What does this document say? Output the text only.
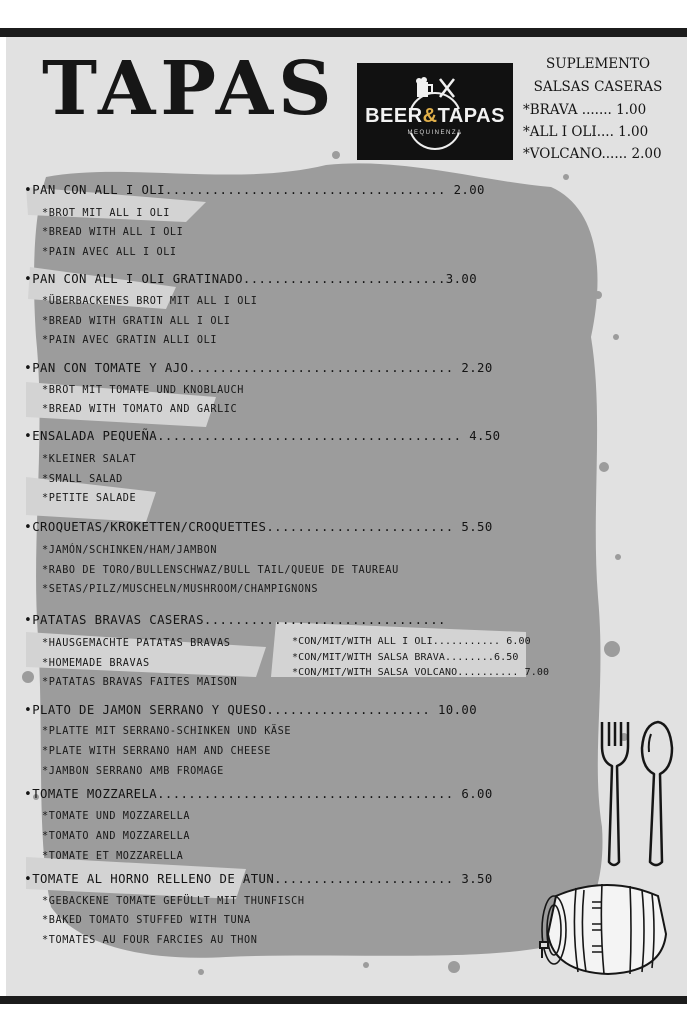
TAPAS	BEER&TAPAS
MEQUINENZA
SUPLEMENTO
SALSAS CASERAS
*BRAVA ....... 1.00
*ALL I OLI.... 1.00
*VOLCANO...... 2.00
•PAN CON ALL I OLI.................................... 2.00
*BROT MIT ALL I OLI
*BREAD WITH ALL I OLI
*PAIN AVEC ALL I OLI
•PAN CON ALL I OLI GRATINADO..........................3.00
*ÜBERBACKENES BROT MIT ALL I OLI
*BREAD WITH GRATIN ALL I OLI
*PAIN AVEC GRATIN ALLI OLI
•PAN CON TOMATE Y AJO.................................. 2.20
*BROT MIT TOMATE UND KNOBLAUCH
*BREAD WITH TOMATO AND GARLIC
•ENSALADA PEQUEÑA....................................... 4.50
*KLEINER SALAT
*SMALL SALAD
*PETITE SALADE
•CROQUETAS/KROKETTEN/CROQUETTES........................ 5.50
*JAMÓN/SCHINKEN/HAM/JAMBON
*RABO DE TORO/BULLENSCHWAZ/BULL TAIL/QUEUE DE TAUREAU
*SETAS/PILZ/MUSCHELN/MUSHROOM/CHAMPIGNONS
•PATATAS BRAVAS CASERAS...............................
*HAUSGEMACHTE PATATAS BRAVAS
*HOMEMADE BRAVAS
*PATATAS BRAVAS FAITES MAISON
*CON/MIT/WITH ALL I OLI........... 6.00
*CON/MIT/WITH SALSA BRAVA........6.50
*CON/MIT/WITH SALSA VOLCANO.......... 7.00
•PLATO DE JAMON SERRANO Y QUESO..................... 10.00
*PLATTE MIT SERRANO-SCHINKEN UND KÄSE
*PLATE WITH SERRANO HAM AND CHEESE
*JAMBON SERRANO AMB FROMAGE
•TOMATE MOZZARELA...................................... 6.00
*TOMATE UND MOZZARELLA
*TOMATO AND MOZZARELLA
*TOMATE ET MOZZARELLA
•TOMATE AL HORNO RELLENO DE ATUN....................... 3.50
*GEBACKENE TOMATE GEFÜLLT MIT THUNFISCH
*BAKED TOMATO STUFFED WITH TUNA
*TOMATES AU FOUR FARCIES AU THON
